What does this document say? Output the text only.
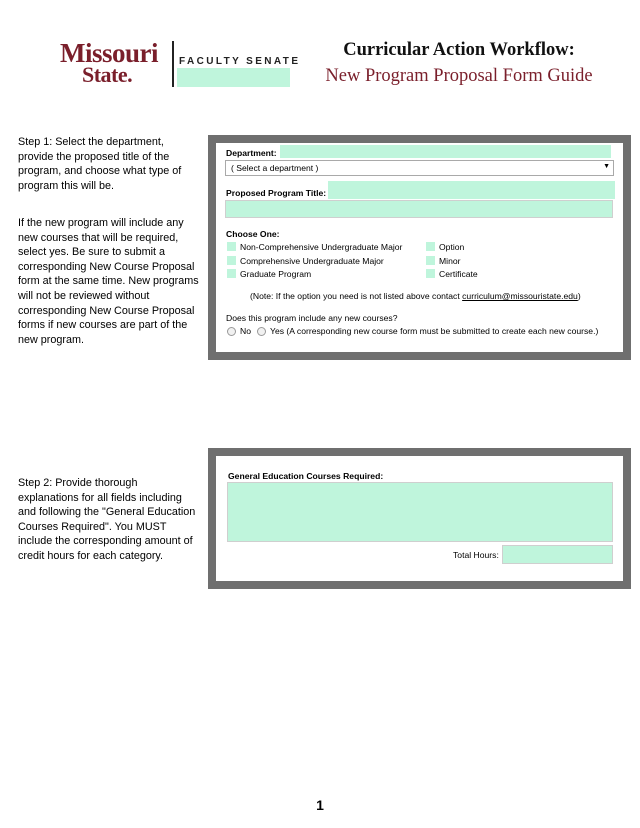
Missouri
State.
FACULTY SENATE
Curricular Action Workflow:
New Program Proposal Form Guide
Step 1: Select the department, provide the proposed title of the program, and choose what type of program this will be.
If the new program will include any new courses that will be required, select yes. Be sure to submit a corresponding New Course Proposal form at the same time. New programs will not be reviewed without corresponding New Course Proposal forms if new courses are part of the new program.
Department:
( Select a department )	▼
Proposed Program Title:
Choose One:
Non-Comprehensive Undergraduate Major
Comprehensive Undergraduate Major
Graduate Program
Option
Minor
Certificate
(Note: If the option you need is not listed above contact curriculum@missouristate.edu)
Does this program include any new courses?
No Yes (A corresponding new course form must be submitted to create each new course.)
Step 2: Provide thorough explanations for all fields including and following the "General Education Courses Required". You MUST include the corresponding amount of credit hours for each category.
General Education Courses Required:
Total Hours:
1
